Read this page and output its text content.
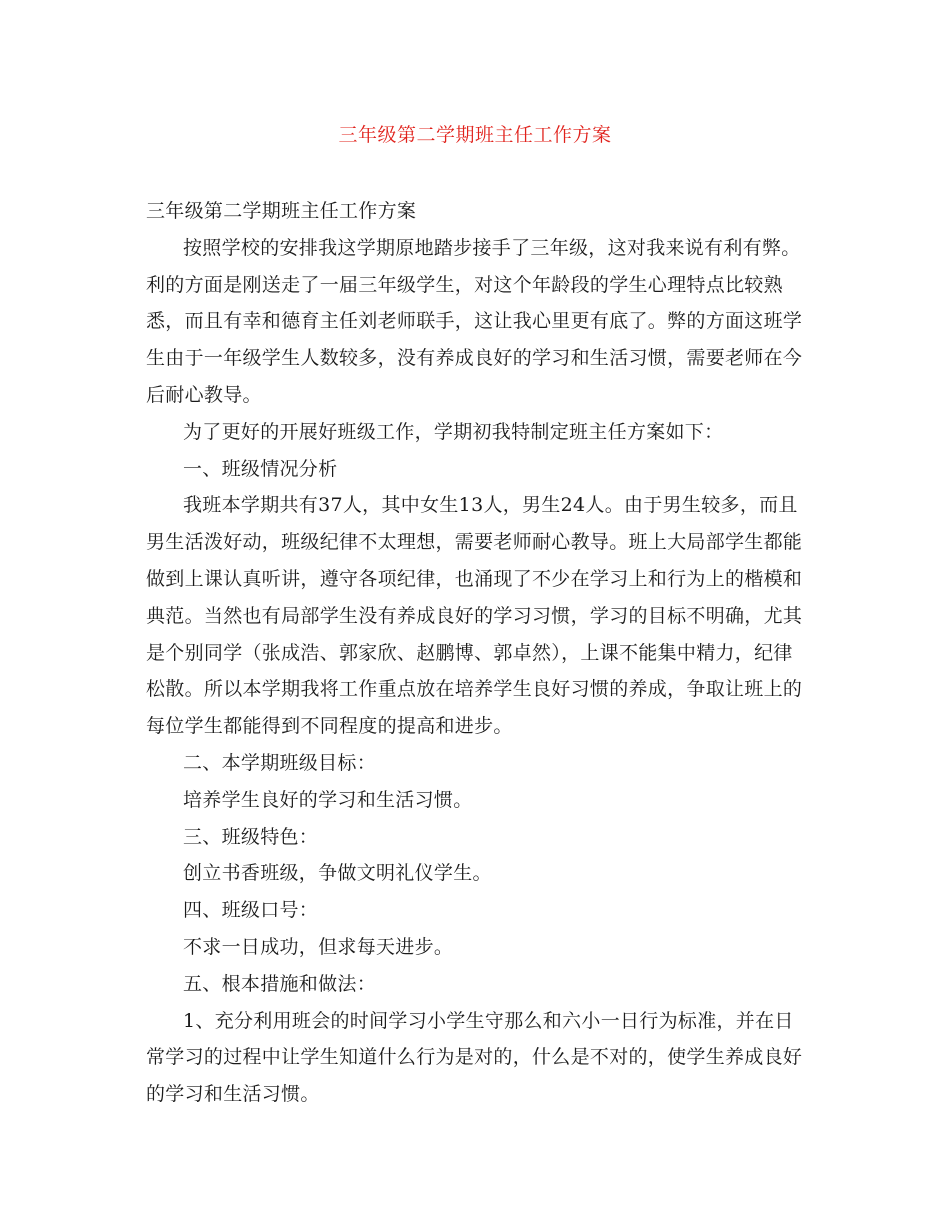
三年级第二学期班主任工作方案

三年级第二学期班主任工作方案

按照学校的安排我这学期原地踏步接手了三年级，这对我来说有利有弊。利的方面是刚送走了一届三年级学生，对这个年龄段的学生心理特点比较熟悉，而且有幸和德育主任刘老师联手，这让我心里更有底了。弊的方面这班学生由于一年级学生人数较多，没有养成良好的学习和生活习惯，需要老师在今后耐心教导。

为了更好的开展好班级工作，学期初我特制定班主任方案如下：

一、班级情况分析

我班本学期共有37人，其中女生13人，男生24人。由于男生较多，而且男生活泼好动，班级纪律不太理想，需要老师耐心教导。班上大局部学生都能做到上课认真听讲，遵守各项纪律，也涌现了不少在学习上和行为上的楷模和典范。当然也有局部学生没有养成良好的学习习惯，学习的目标不明确，尤其是个别同学（张成浩、郭家欣、赵鹏博、郭卓然），上课不能集中精力，纪律松散。所以本学期我将工作重点放在培养学生良好习惯的养成，争取让班上的每位学生都能得到不同程度的提高和进步。

二、本学期班级目标：

培养学生良好的学习和生活习惯。

三、班级特色：

创立书香班级，争做文明礼仪学生。

四、班级口号：

不求一日成功，但求每天进步。

五、根本措施和做法：

1、充分利用班会的时间学习小学生守那么和六小一日行为标准，并在日常学习的过程中让学生知道什么行为是对的，什么是不对的，使学生养成良好的学习和生活习惯。
